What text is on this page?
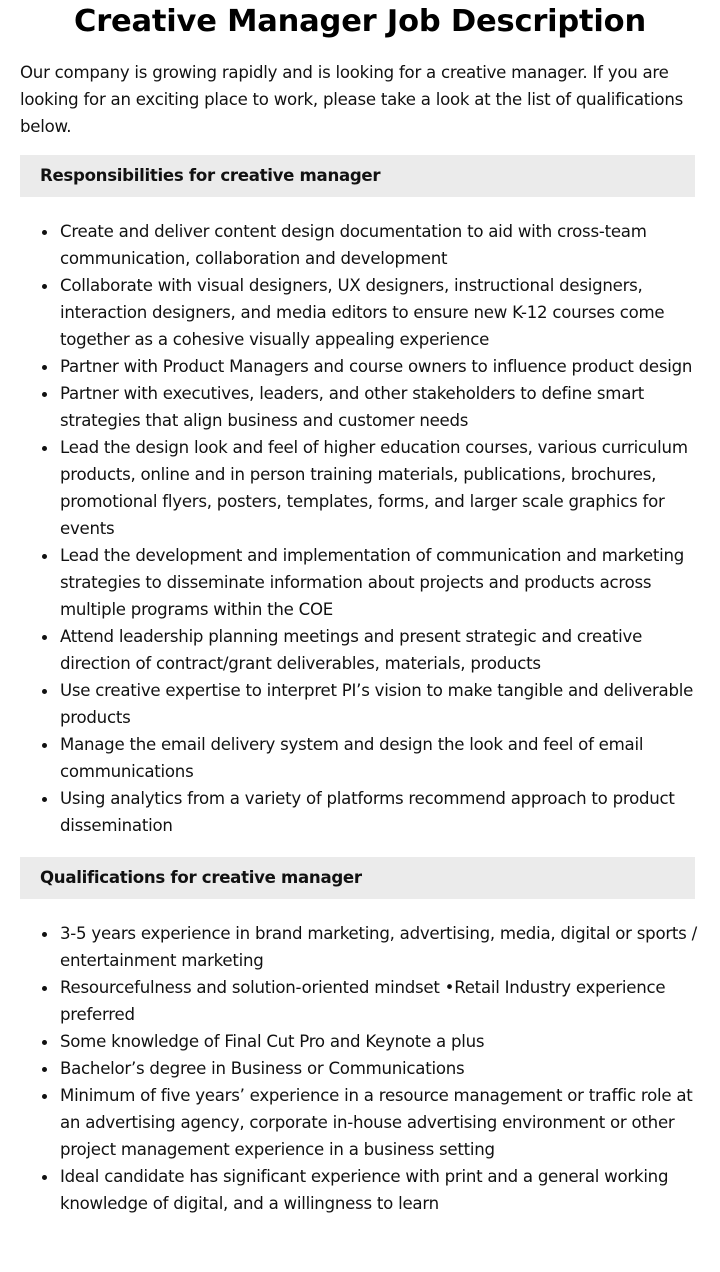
Creative Manager Job Description

Our company is growing rapidly and is looking for a creative manager. If you are looking for an exciting place to work, please take a look at the list of qualifications below.

Responsibilities for creative manager
Create and deliver content design documentation to aid with cross-team communication, collaboration and development
Collaborate with visual designers, UX designers, instructional designers, interaction designers, and media editors to ensure new K-12 courses come together as a cohesive visually appealing experience
Partner with Product Managers and course owners to influence product design
Partner with executives, leaders, and other stakeholders to define smart strategies that align business and customer needs
Lead the design look and feel of higher education courses, various curriculum products, online and in person training materials, publications, brochures, promotional flyers, posters, templates, forms, and larger scale graphics for events
Lead the development and implementation of communication and marketing strategies to disseminate information about projects and products across multiple programs within the COE
Attend leadership planning meetings and present strategic and creative direction of contract/grant deliverables, materials, products
Use creative expertise to interpret PI’s vision to make tangible and deliverable products
Manage the email delivery system and design the look and feel of email communications
Using analytics from a variety of platforms recommend approach to product dissemination
Qualifications for creative manager
3-5 years experience in brand marketing, advertising, media, digital or sports / entertainment marketing
Resourcefulness and solution-oriented mindset •Retail Industry experience preferred
Some knowledge of Final Cut Pro and Keynote a plus
Bachelor’s degree in Business or Communications
Minimum of five years’ experience in a resource management or traffic role at an advertising agency, corporate in-house advertising environment or other project management experience in a business setting
Ideal candidate has significant experience with print and a general working knowledge of digital, and a willingness to learn
